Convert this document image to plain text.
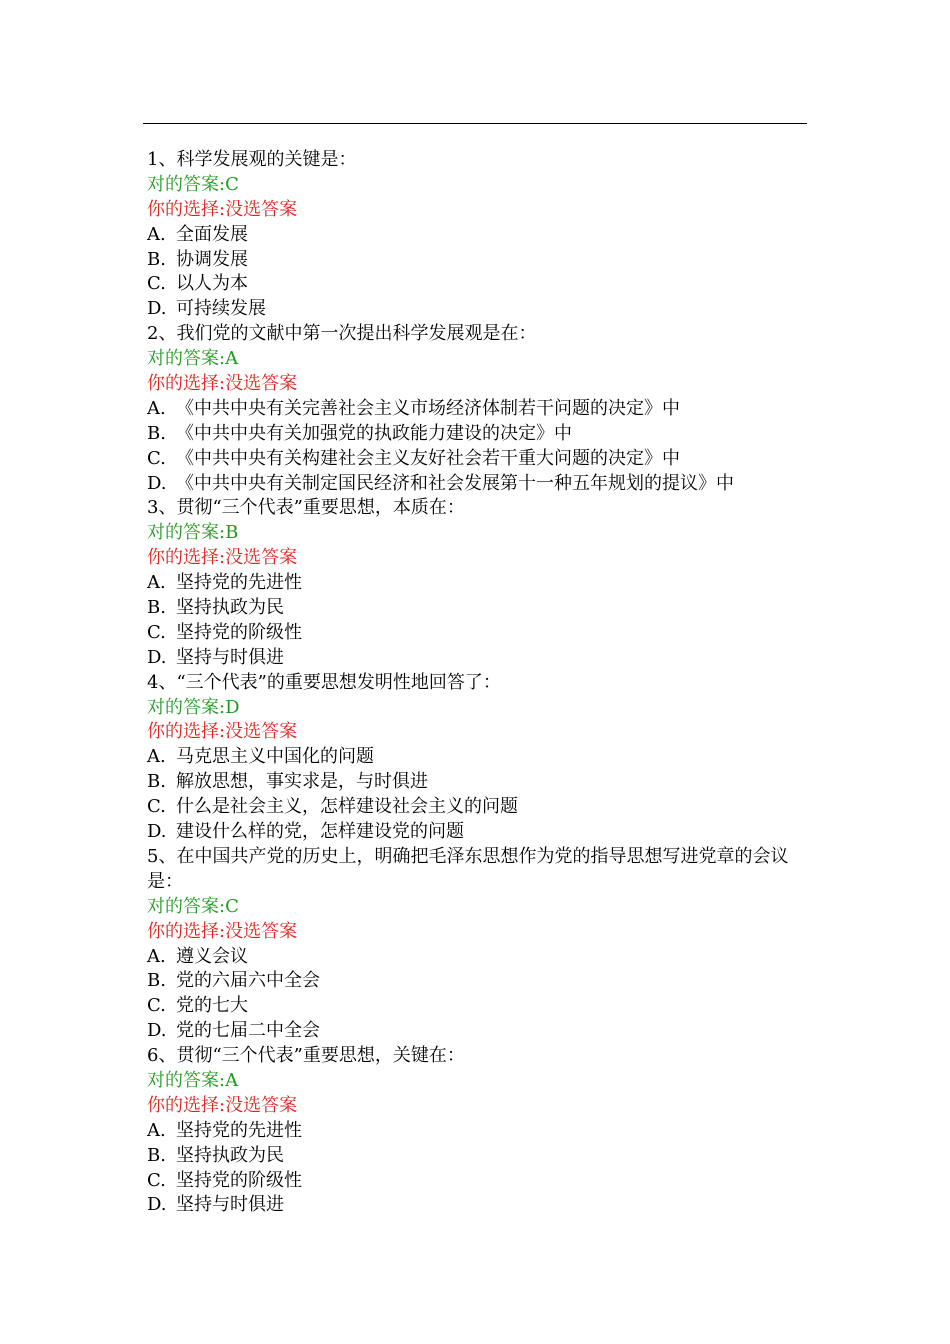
1、科学发展观的关键是：
对的答案:C
你的选择:没选答案
A. 全面发展
B. 协调发展
C. 以人为本
D. 可持续发展
2、我们党的文献中第一次提出科学发展观是在：
对的答案:A
你的选择:没选答案
A. 《中共中央有关完善社会主义市场经济体制若干问题的决定》中
B. 《中共中央有关加强党的执政能力建设的决定》中
C. 《中共中央有关构建社会主义友好社会若干重大问题的决定》中
D. 《中共中央有关制定国民经济和社会发展第十一种五年规划的提议》中
3、贯彻“三个代表”重要思想，本质在：
对的答案:B
你的选择:没选答案
A. 坚持党的先进性
B. 坚持执政为民
C. 坚持党的阶级性
D. 坚持与时俱进
4、“三个代表”的重要思想发明性地回答了：
对的答案:D
你的选择:没选答案
A. 马克思主义中国化的问题
B. 解放思想，事实求是，与时俱进
C. 什么是社会主义，怎样建设社会主义的问题
D. 建设什么样的党，怎样建设党的问题
5、在中国共产党的历史上，明确把毛泽东思想作为党的指导思想写进党章的会议是：
对的答案:C
你的选择:没选答案
A. 遵义会议
B. 党的六届六中全会
C. 党的七大
D. 党的七届二中全会
6、贯彻“三个代表”重要思想，关键在：
对的答案:A
你的选择:没选答案
A. 坚持党的先进性
B. 坚持执政为民
C. 坚持党的阶级性
D. 坚持与时俱进
